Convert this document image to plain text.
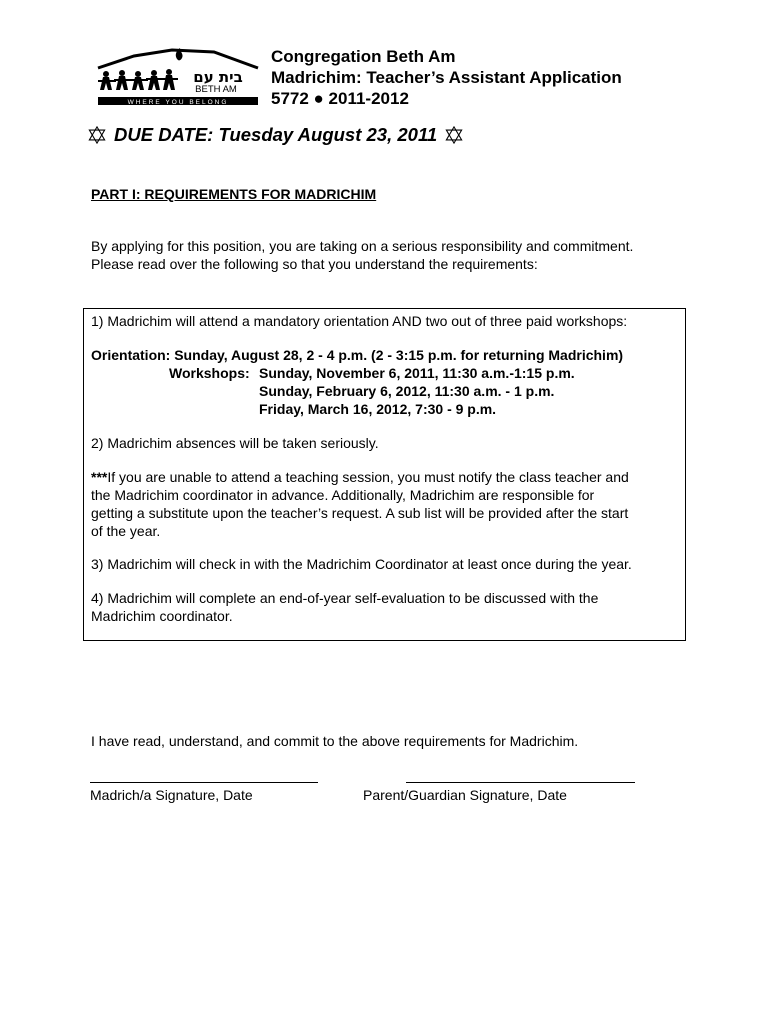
בית עם
BETH AM
WHERE YOU BELONG
Congregation Beth Am
Madrichim: Teacher’s Assistant Application
5772 ● 2011-2012
DUE DATE: Tuesday August 23, 2011
PART I: REQUIREMENTS FOR MADRICHIM
By applying for this position, you are taking on a serious responsibility and commitment.
Please read over the following so that you understand the requirements:

1) Madrichim will attend a mandatory orientation AND two out of three paid workshops:

Orientation: Sunday, August 28, 2 - 4 p.m. (2 - 3:15 p.m. for returning Madrichim)

Workshops: Sunday, November 6, 2011, 11:30 a.m.-1:15 p.m.
Sunday, February 6, 2012, 11:30 a.m. - 1 p.m.
Friday, March 16, 2012, 7:30 - 9 p.m.

2) Madrichim absences will be taken seriously.

***If you are unable to attend a teaching session, you must notify the class teacher and

the Madrichim coordinator in advance. Additionally, Madrichim are responsible for

getting a substitute upon the teacher’s request. A sub list will be provided after the start

of the year.

3) Madrichim will check in with the Madrichim Coordinator at least once during the year.

4) Madrichim will complete an end-of-year self-evaluation to be discussed with the

Madrichim coordinator.

I have read, understand, and commit to the above requirements for Madrichim.
Madrich/a Signature, Date	Parent/Guardian Signature, Date
